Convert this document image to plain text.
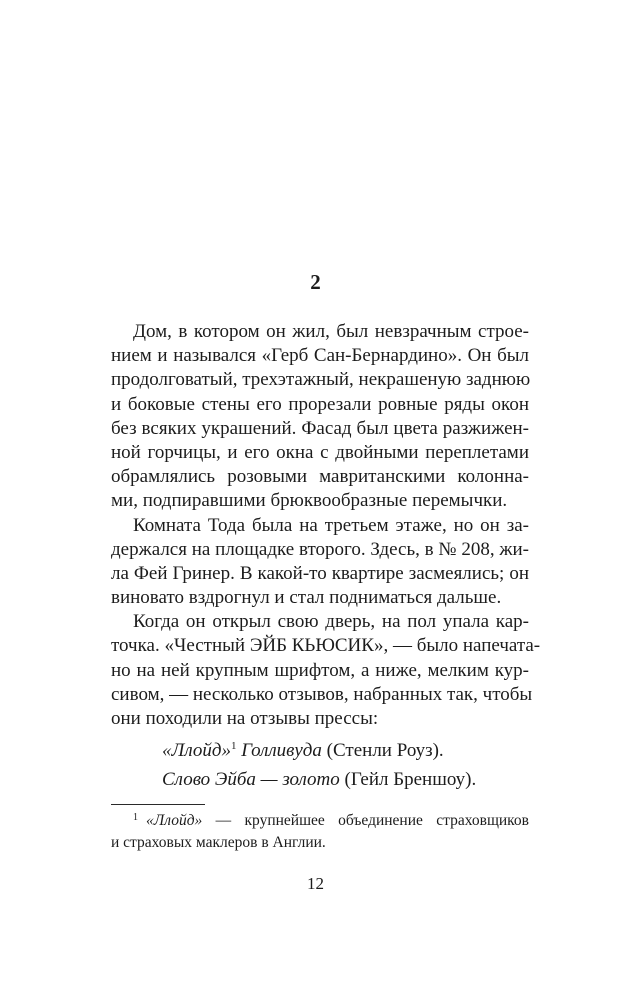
2
Дом, в котором он жил, был невзрачным строе-
нием и назывался «Герб Сан-Бернардино». Он был
продолговатый, трехэтажный, некрашеную заднюю
и боковые стены его прорезали ровные ряды окон
без всяких украшений. Фасад был цвета разжижен-
ной горчицы, и его окна с двойными переплетами
обрамлялись розовыми мавританскими колонна-
ми, подпиравшими брюквообразные перемычки.
Комната Тода была на третьем этаже, но он за-
держался на площадке второго. Здесь, в № 208, жи-
ла Фей Гринер. В какой-то квартире засмеялись; он
виновато вздрогнул и стал подниматься дальше.
Когда он открыл свою дверь, на пол упала кар-
точка. «Честный ЭЙБ КЬЮСИК», — было напечата-
но на ней крупным шрифтом, а ниже, мелким кур-
сивом, — несколько отзывов, набранных так, чтобы
они походили на отзывы прессы:
«Ллойд»$^1$ Голливуда (Стенли Роуз).
Слово Эйба — золото (Гейл Бреншоу).
$^1$ «Ллойд» — крупнейшее объединение страховщиков
и страховых маклеров в Англии.
12
